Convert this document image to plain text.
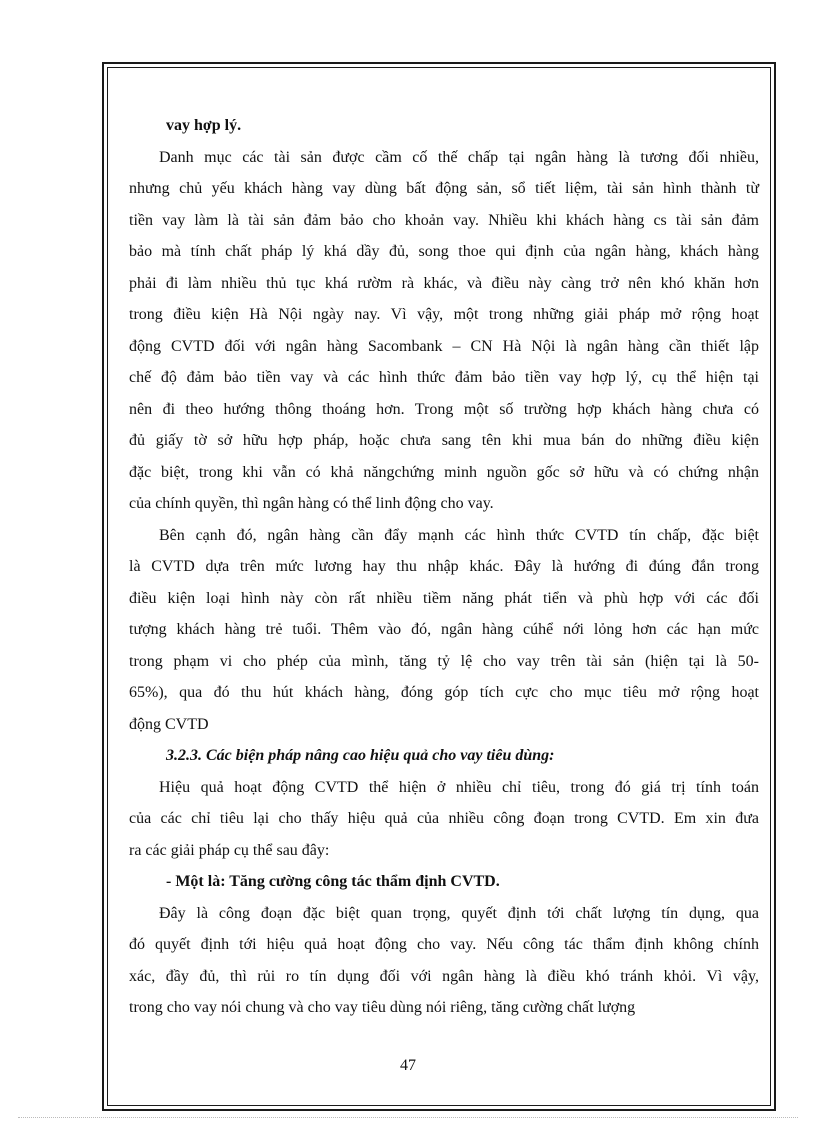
vay hợp lý.
Danh mục các tài sản được cầm cố thế chấp tại ngân hàng là tương đối nhiều,
nhưng chủ yếu khách hàng vay dùng bất động sản, sổ tiết liệm, tài sản hình thành từ
tiền vay làm là tài sản đảm bảo cho khoản vay. Nhiều khi khách hàng cs tài sản đảm
bảo mà tính chất pháp lý khá dầy đủ, song thoe qui định của ngân hàng, khách hàng
phải đi làm nhiều thủ tục khá rườm rà khác, và điều này càng trở nên khó khăn hơn
trong điều kiện Hà Nội ngày nay. Vì vậy, một trong những giải pháp mở rộng hoạt
động CVTD đối với ngân hàng Sacombank – CN Hà Nội là ngân hàng cần thiết lập
chế độ đảm bảo tiền vay và các hình thức đảm bảo tiền vay hợp lý, cụ thể hiện tại
nên đi theo hướng thông thoáng hơn. Trong một số trường hợp khách hàng chưa có
đủ giấy tờ sở hữu hợp pháp, hoặc chưa sang tên khi mua bán do những điều kiện
đặc biệt, trong khi vẫn có khả năngchứng minh nguồn gốc sở hữu và có chứng nhận
của chính quyền, thì ngân hàng có thể linh động cho vay.
Bên cạnh đó, ngân hàng cần đẩy mạnh các hình thức CVTD tín chấp, đặc biệt
là CVTD dựa trên mức lương hay thu nhập khác. Đây là hướng đi đúng đắn trong
điều kiện loại hình này còn rất nhiều tiềm năng phát tiển và phù hợp với các đối
tượng khách hàng trẻ tuổi. Thêm vào đó, ngân hàng cúhể nới lỏng hơn các hạn mức
trong phạm vi cho phép của mình, tăng tỷ lệ cho vay trên tài sản (hiện tại là 50-
65%), qua đó thu hút khách hàng, đóng góp tích cực cho mục tiêu mở rộng hoạt
động CVTD
3.2.3. Các biện pháp nâng cao hiệu quả cho vay tiêu dùng:
Hiệu quả hoạt động CVTD thể hiện ở nhiều chỉ tiêu, trong đó giá trị tính toán
của các chỉ tiêu lại cho thấy hiệu quả của nhiều công đoạn trong CVTD. Em xin đưa
ra các giải pháp cụ thể sau đây:
- Một là: Tăng cường công tác thẩm định CVTD.
Đây là công đoạn đặc biệt quan trọng, quyết định tới chất lượng tín dụng, qua
đó quyết định tới hiệu quả hoạt động cho vay. Nếu công tác thẩm định không chính
xác, đầy đủ, thì rủi ro tín dụng đối với ngân hàng là điều khó tránh khỏi. Vì vậy,
trong cho vay nói chung và cho vay tiêu dùng nói riêng, tăng cường chất lượng
47
